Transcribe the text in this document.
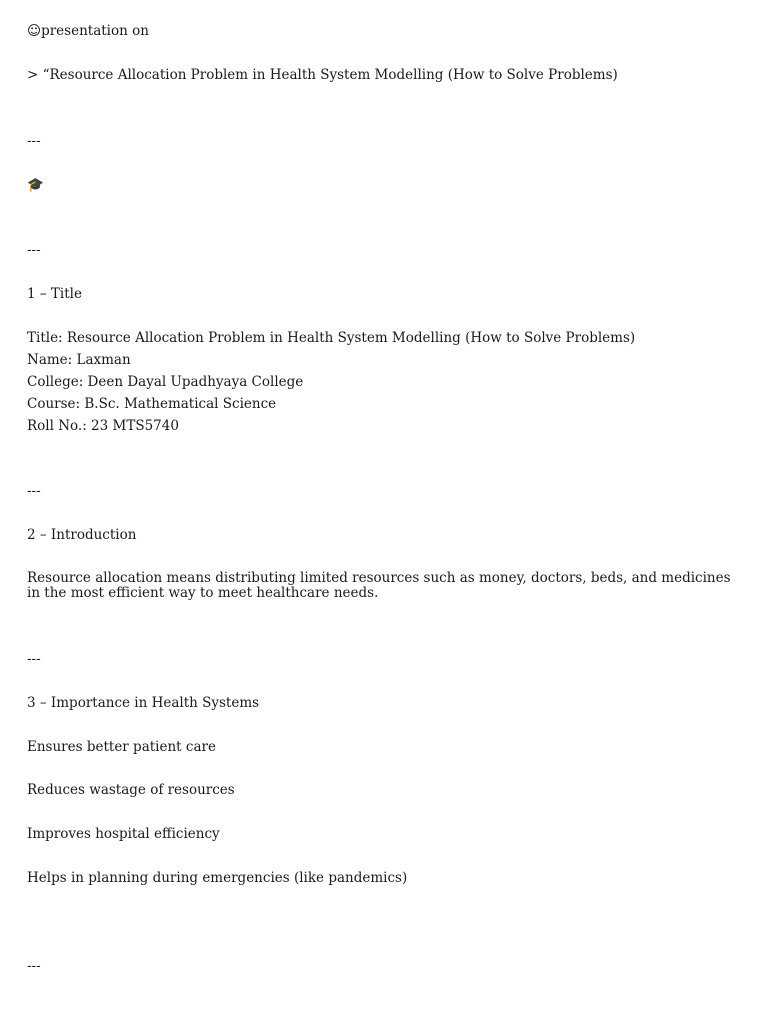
☺presentation on
> “Resource Allocation Problem in Health System Modelling (How to Solve Problems)
---
🎓
---
1 – Title
Title: Resource Allocation Problem in Health System Modelling (How to Solve Problems)
Name: Laxman
College: Deen Dayal Upadhyaya College
Course: B.Sc. Mathematical Science
Roll No.: 23 MTS5740
---
2 – Introduction
Resource allocation means distributing limited resources such as money, doctors, beds, and medicines in the most efficient way to meet healthcare needs.
---
3 – Importance in Health Systems
Ensures better patient care
Reduces wastage of resources
Improves hospital efficiency
Helps in planning during emergencies (like pandemics)
---
